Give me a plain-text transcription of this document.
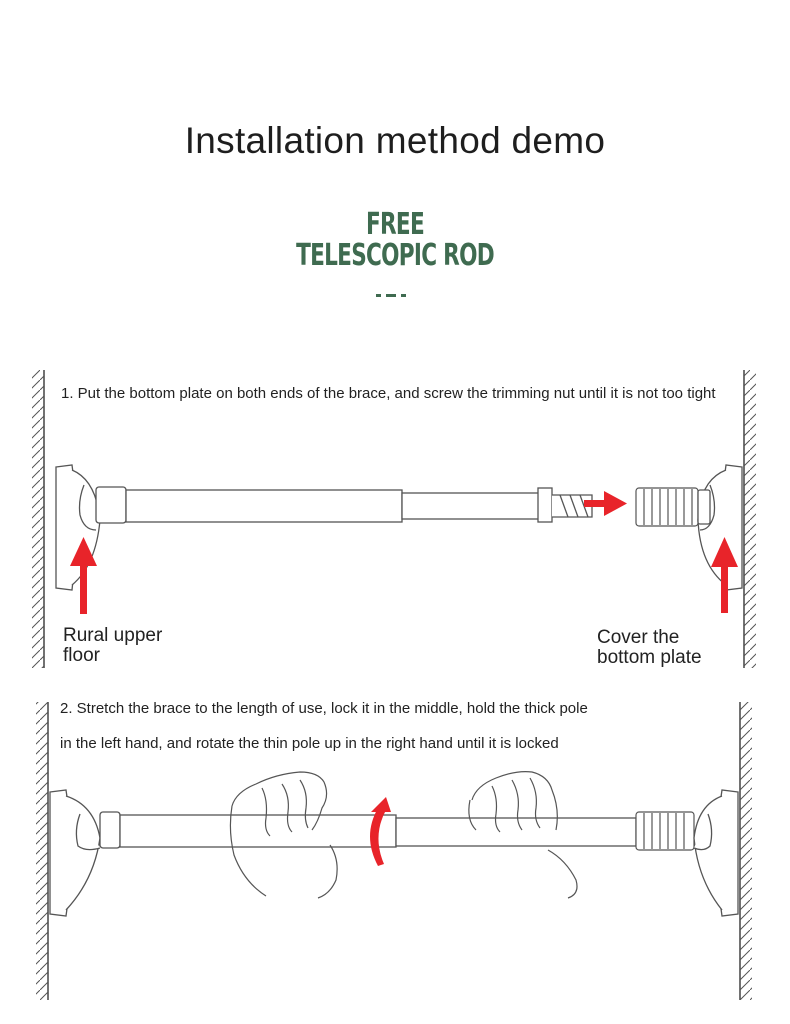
Installation method demo
FREE
TELESCOPIC ROD
1. Put the bottom plate on both ends of the brace, and screw the trimming nut until it is not too tight
Rural upper floor
Cover the bottom plate
2. Stretch the brace to the length of use, lock it in the middle, hold the thick pole
in the left hand, and rotate the thin pole up in the right hand until it is locked
